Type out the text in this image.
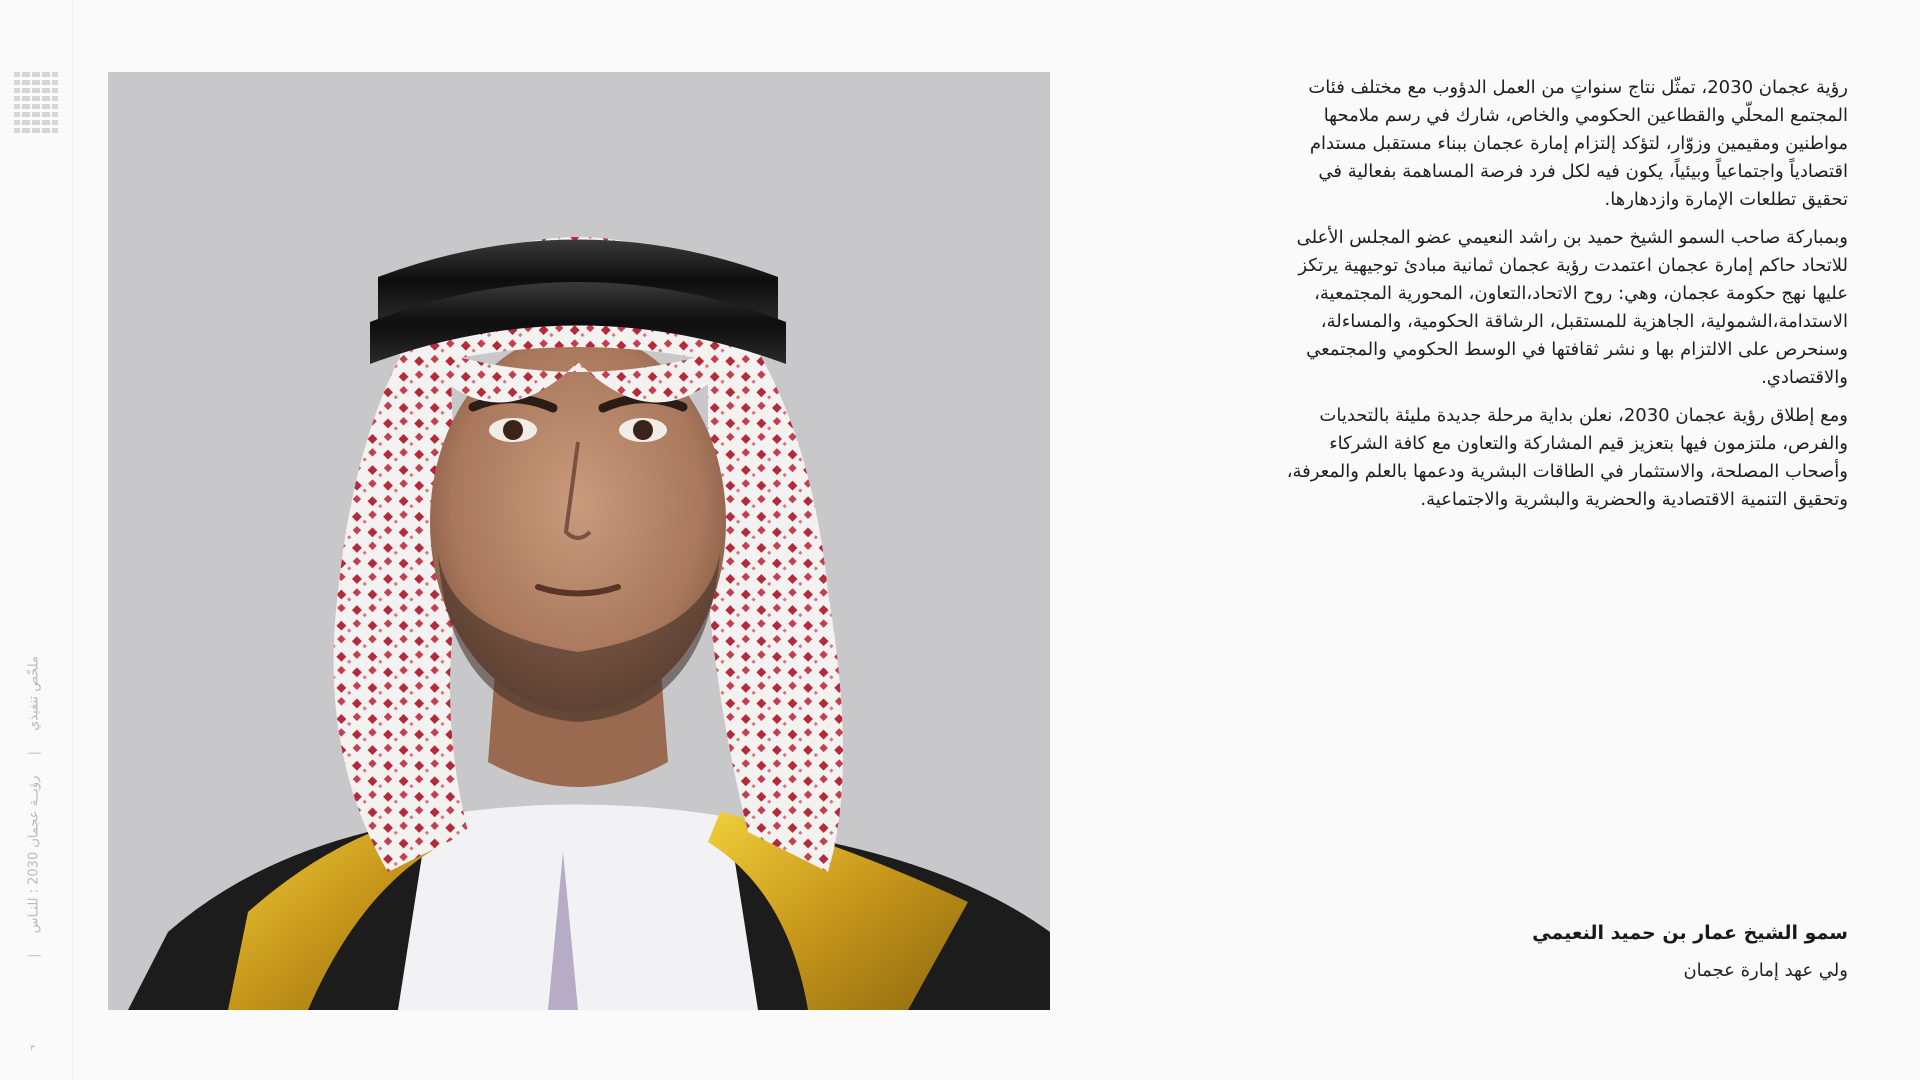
ملخّص تنفيذي | رؤيــة عجمان 2030 : للنـاس |
٣

رؤية عجمان 2030، تمثّل نتاج سنواتٍ من العمل الدؤوب مع مختلف فئات المجتمع المحلّي والقطاعين الحكومي والخاص، شارك في رسم ملامحها مواطنين ومقيمين وزوّار، لتؤكد إلتزام إمارة عجمان ببناء مستقبل مستدام اقتصادياً واجتماعياً وبيئياً، يكون فيه لكل فرد فرصة المساهمة بفعالية في تحقيق تطلعات الإمارة وازدهارها.

وبمباركة صاحب السمو الشيخ حميد بن راشد النعيمي عضو المجلس الأعلى للاتحاد حاكم إمارة عجمان اعتمدت رؤية عجمان ثمانية مبادئ توجيهية يرتكز عليها نهج حكومة عجمان، وهي: روح الاتحاد،التعاون، المحورية المجتمعية، الاستدامة،الشمولية، الجاهزية للمستقبل، الرشاقة الحكومية، والمساءلة، وسنحرص على الالتزام بها و نشر ثقافتها في الوسط الحكومي والمجتمعي والاقتصادي.

ومع إطلاق رؤية عجمان 2030، نعلن بداية مرحلة جديدة مليئة بالتحديات والفرص، ملتزمون فيها بتعزيز قيم المشاركة والتعاون مع كافة الشركاء وأصحاب المصلحة، والاستثمار في الطاقات البشرية ودعمها بالعلم والمعرفة، وتحقيق التنمية الاقتصادية والحضرية والبشرية والاجتماعية.

سمو الشيخ عمار بن حميد النعيمي
ولي عهد إمارة عجمان
